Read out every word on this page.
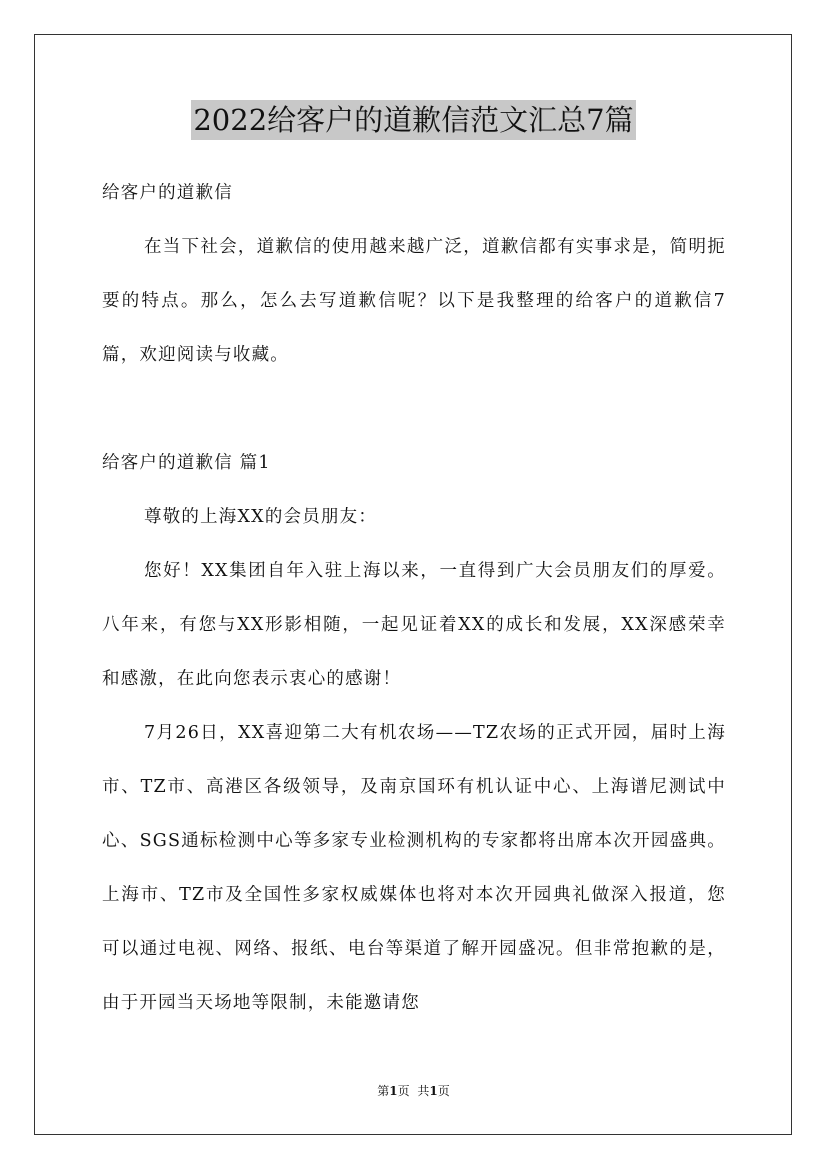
2022给客户的道歉信范文汇总7篇

给客户的道歉信

在当下社会，道歉信的使用越来越广泛，道歉信都有实事求是，简明扼要的特点。那么，怎么去写道歉信呢？以下是我整理的给客户的道歉信7篇，欢迎阅读与收藏。

给客户的道歉信 篇1

尊敬的上海XX的会员朋友：

您好！XX集团自年入驻上海以来，一直得到广大会员朋友们的厚爱。八年来，有您与XX形影相随，一起见证着XX的成长和发展，XX深感荣幸和感激，在此向您表示衷心的感谢！

7月26日，XX喜迎第二大有机农场——TZ农场的正式开园，届时上海市、TZ市、高港区各级领导，及南京国环有机认证中心、上海谱尼测试中心、SGS通标检测中心等多家专业检测机构的专家都将出席本次开园盛典。上海市、TZ市及全国性多家权威媒体也将对本次开园典礼做深入报道，您可以通过电视、网络、报纸、电台等渠道了解开园盛况。但非常抱歉的是，由于开园当天场地等限制，未能邀请您

第1页 共1页
